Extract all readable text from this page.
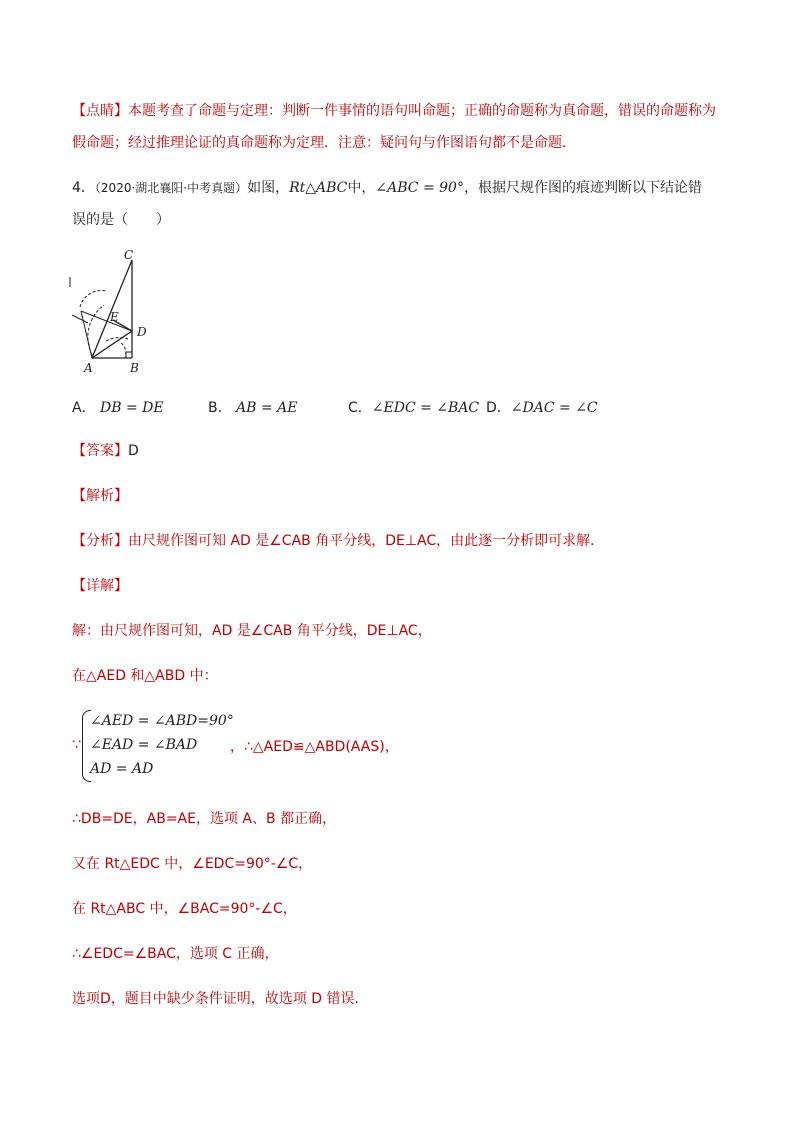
【点睛】本题考查了命题与定理：判断一件事情的语句叫命题；正确的命题称为真命题，错误的命题称为
假命题；经过推理论证的真命题称为定理．注意：疑问句与作图语句都不是命题．
4．（2020·湖北襄阳·中考真题）如图，Rt△ABC中，∠ABC = 90°，根据尺规作图的痕迹判断以下结论错
误的是（　　）
C
E
D
A	B
A． DB = DE	B． AB = AE	C．∠EDC = ∠BAC D．∠DAC = ∠C
【答案】D
【解析】
【分析】由尺规作图可知 AD 是∠CAB 角平分线，DE⊥AC，由此逐一分析即可求解．
【详解】
解：由尺规作图可知，AD 是∠CAB 角平分线，DE⊥AC，
在△AED 和△ABD 中：
∵
∠AED = ∠ABD=90°
∠EAD = ∠BAD
AD = AD
，∴△AED≌△ABD(AAS)，
∴DB=DE，AB=AE，选项 A、B 都正确，
又在 Rt△EDC 中，∠EDC=90°-∠C，
在 Rt△ABC 中，∠BAC=90°-∠C，
∴∠EDC=∠BAC，选项 C 正确，
选项D，题目中缺少条件证明，故选项 D 错误．
